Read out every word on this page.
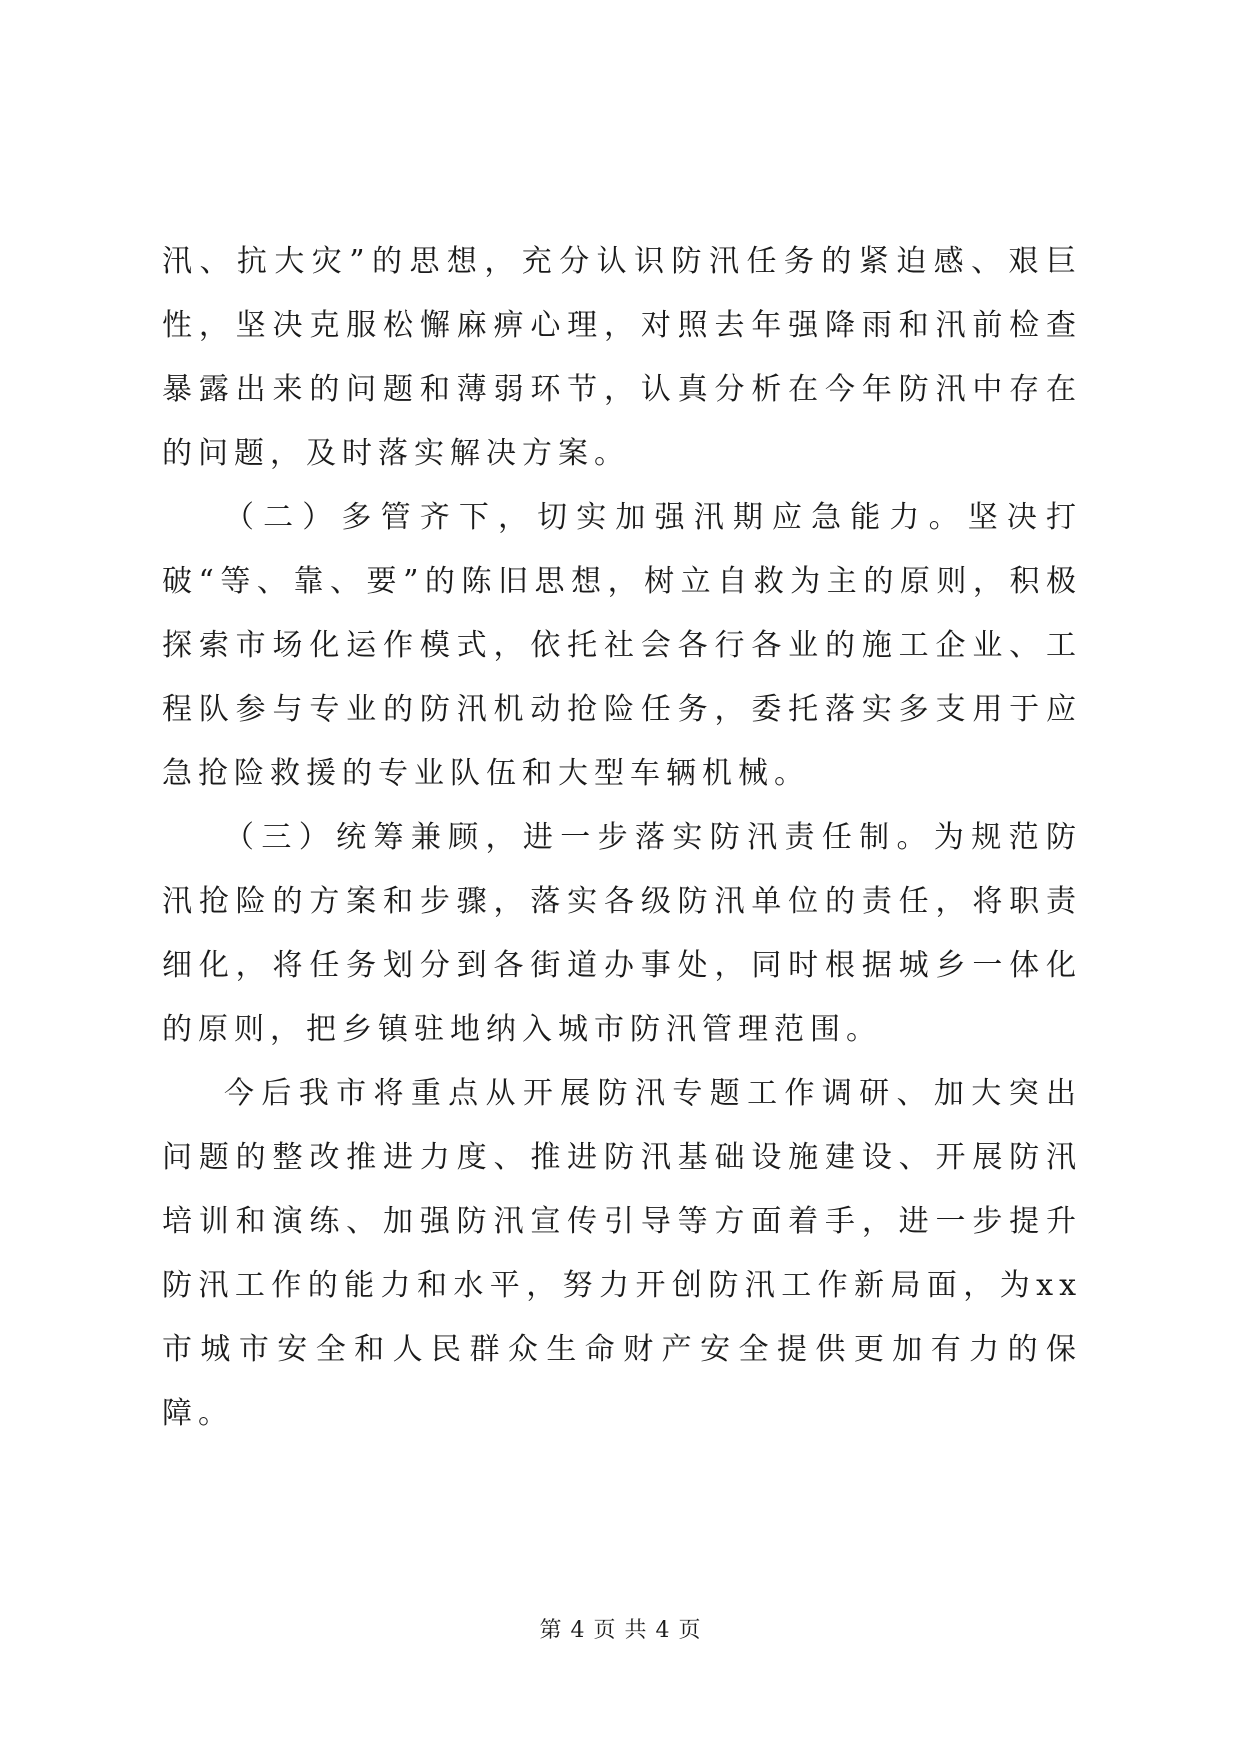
汛、抗大灾”的思想，充分认识防汛任务的紧迫感、艰巨性，坚决克服松懈麻痹心理，对照去年强降雨和汛前检查暴露出来的问题和薄弱环节，认真分析在今年防汛中存在的问题，及时落实解决方案。

（二）多管齐下，切实加强汛期应急能力。坚决打破“等、靠、要”的陈旧思想，树立自救为主的原则，积极探索市场化运作模式，依托社会各行各业的施工企业、工程队参与专业的防汛机动抢险任务，委托落实多支用于应急抢险救援的专业队伍和大型车辆机械。

（三）统筹兼顾，进一步落实防汛责任制。为规范防汛抢险的方案和步骤，落实各级防汛单位的责任，将职责细化，将任务划分到各街道办事处，同时根据城乡一体化的原则，把乡镇驻地纳入城市防汛管理范围。

今后我市将重点从开展防汛专题工作调研、加大突出问题的整改推进力度、推进防汛基础设施建设、开展防汛培训和演练、加强防汛宣传引导等方面着手，进一步提升防汛工作的能力和水平，努力开创防汛工作新局面，为xx市城市安全和人民群众生命财产安全提供更加有力的保障。

第 4 页 共 4 页
